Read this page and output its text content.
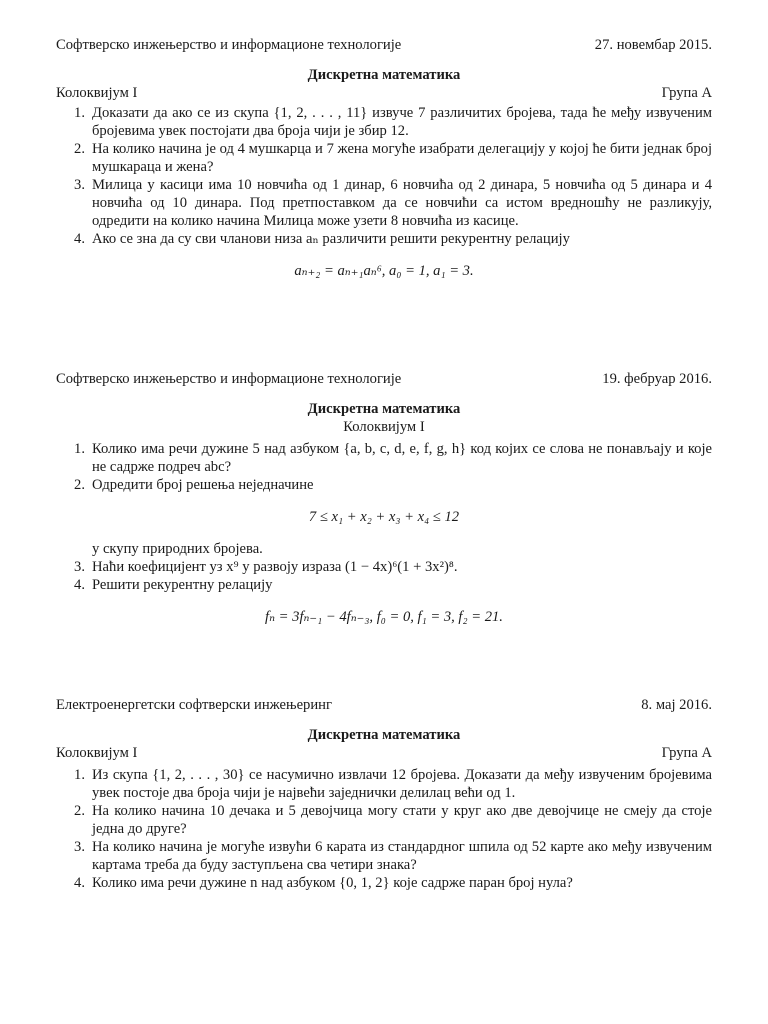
Софтверско инжењерство и информационе технологије	27. новембар 2015.
Дискретна математика
Колоквијум I	Група А
1. Доказати да ако се из скупа {1, 2, . . . , 11} извуче 7 различитих бројева, тада ће међу извученим бројевима увек постојати два броја чији је збир 12.
2. На колико начина је од 4 мушкарца и 7 жена могуће изабрати делегацију у којој ће бити једнак број мушкараца и жена?
3. Милица у касици има 10 новчића од 1 динар, 6 новчића од 2 динара, 5 новчића од 5 динара и 4 новчића од 10 динара. Под претпоставком да се новчићи са истом вредношћу не разликују, одредити на колико начина Милица може узети 8 новчића из касице.
4. Ако се зна да су сви чланови низа aₙ различити решити рекурентну релацију
aₙ₊₂ = aₙ₊₁aₙ⁶, a₀ = 1, a₁ = 3.
Софтверско инжењерство и информационе технологије	19. фебруар 2016.
Дискретна математика
Колоквијум I
1. Колико има речи дужине 5 над азбуком {a, b, c, d, e, f, g, h} код којих се слова не понављају и које не садрже подреч abc?
2. Одредити број решења неједначине
7 ≤ x₁ + x₂ + x₃ + x₄ ≤ 12
у скупу природних бројева.
3. Наћи коефицијент уз x⁹ у развоју израза (1 − 4x)⁶(1 + 3x²)⁸.
4. Решити рекурентну релацију
fₙ = 3fₙ₋₁ − 4fₙ₋₃, f₀ = 0, f₁ = 3, f₂ = 21.
Електроенергетски софтверски инжењеринг	8. мај 2016.
Дискретна математика
Колоквијум I	Група А
1. Из скупа {1, 2, . . . , 30} се насумично извлачи 12 бројева. Доказати да међу извученим бројевима увек постоје два броја чији је највећи заједнички делилац већи од 1.
2. На колико начина 10 дечака и 5 девојчица могу стати у круг ако две девојчице не смеју да стоје једна до друге?
3. На колико начина је могуће извући 6 карата из стандардног шпила од 52 карте ако међу извученим картама треба да буду заступљена сва четири знака?
4. Колико има речи дужине n над азбуком {0, 1, 2} које садрже паран број нула?
